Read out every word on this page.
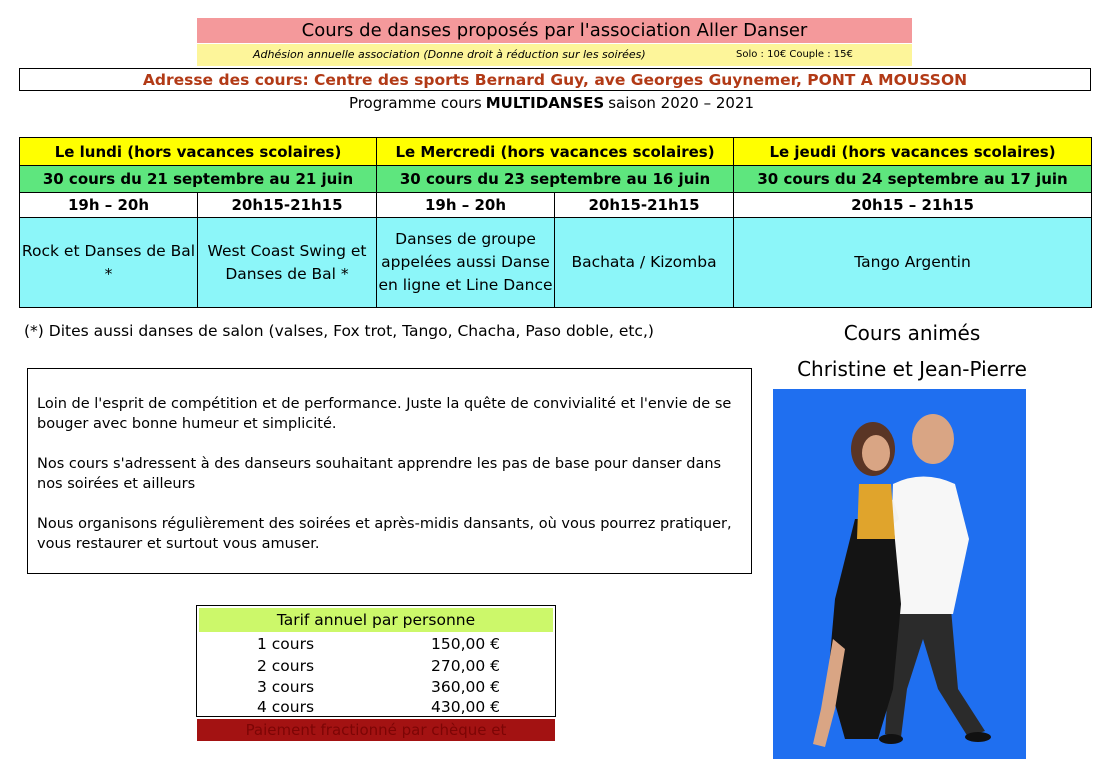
Cours de danses proposés par l'association Aller Danser
Adhésion annuelle association (Donne droit à réduction sur les soirées)	Solo : 10€ Couple : 15€
Adresse des cours: Centre des sports Bernard Guy, ave Georges Guynemer, PONT A MOUSSON
Programme cours MULTIDANSES saison 2020 – 2021
Le lundi (hors vacances scolaires)		Le Mercredi (hors vacances scolaires)		Le jeudi (hors vacances scolaires)
30 cours du 21 septembre au 21 juin		30 cours du 23 septembre au 16 juin		30 cours du 24 septembre au 17 juin
19h – 20h	20h15-21h15	19h – 20h	20h15-21h15	20h15 – 21h15
Rock et Danses de Bal *	West Coast Swing et Danses de Bal *	Danses de groupe appelées aussi Danse en ligne et Line Dance	Bachata / Kizomba	Tango Argentin
(*) Dites aussi danses de salon (valses, Fox trot, Tango, Chacha, Paso doble, etc,)	Cours animés
Christine et Jean-Pierre

Loin de l'esprit de compétition et de performance. Juste la quête de convivialité et l'envie de se bouger avec bonne humeur et simplicité.

Nos cours s'adressent à des danseurs souhaitant apprendre les pas de base pour danser dans nos soirées et ailleurs

Nous organisons régulièrement des soirées et après-midis dansants, où vous pourrez pratiquer, vous restaurer et surtout vous amuser.

Tarif annuel par personne
1 cours	150,00 €
2 cours	270,00 €
3 cours	360,00 €
4 cours	430,00 €
Paiement fractionné par chèque et
